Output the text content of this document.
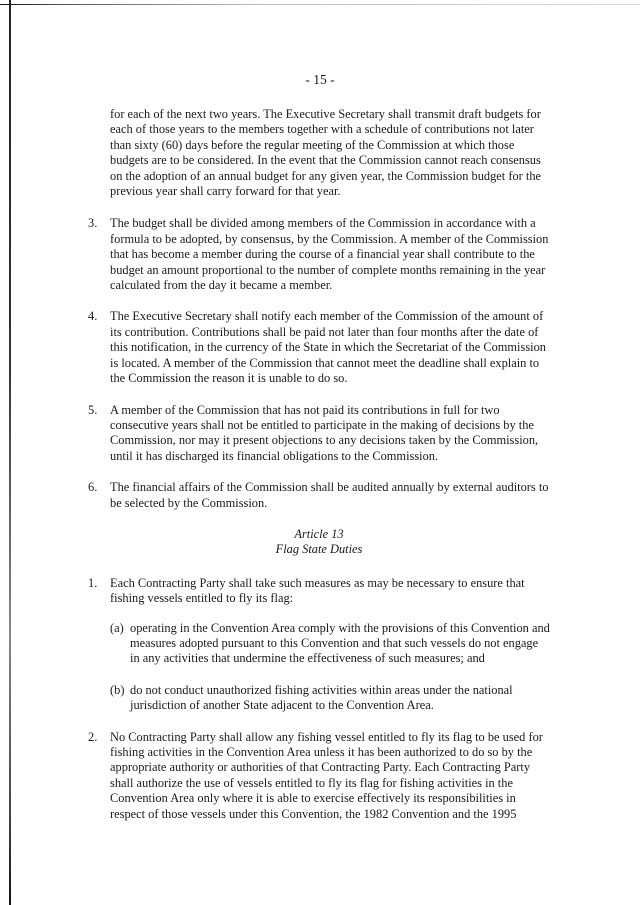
- 15 -

for each of the next two years. The Executive Secretary shall transmit draft budgets for each of those years to the members together with a schedule of contributions not later than sixty (60) days before the regular meeting of the Commission at which those budgets are to be considered. In the event that the Commission cannot reach consensus on the adoption of an annual budget for any given year, the Commission budget for the previous year shall carry forward for that year.

3.	The budget shall be divided among members of the Commission in accordance with a formula to be adopted, by consensus, by the Commission. A member of the Commission that has become a member during the course of a financial year shall contribute to the budget an amount proportional to the number of complete months remaining in the year calculated from the day it became a member.
4.	The Executive Secretary shall notify each member of the Commission of the amount of its contribution. Contributions shall be paid not later than four months after the date of this notification, in the currency of the State in which the Secretariat of the Commission is located. A member of the Commission that cannot meet the deadline shall explain to the Commission the reason it is unable to do so.
5.	A member of the Commission that has not paid its contributions in full for two consecutive years shall not be entitled to participate in the making of decisions by the Commission, nor may it present objections to any decisions taken by the Commission, until it has discharged its financial obligations to the Commission.
6.	The financial affairs of the Commission shall be audited annually by external auditors to be selected by the Commission.
Article 13
Flag State Duties
1.	Each Contracting Party shall take such measures as may be necessary to ensure that fishing vessels entitled to fly its flag:
(a) operating in the Convention Area comply with the provisions of this Convention and measures adopted pursuant to this Convention and that such vessels do not engage in any activities that undermine the effectiveness of such measures; and
(b) do not conduct unauthorized fishing activities within areas under the national jurisdiction of another State adjacent to the Convention Area.
2.	No Contracting Party shall allow any fishing vessel entitled to fly its flag to be used for fishing activities in the Convention Area unless it has been authorized to do so by the appropriate authority or authorities of that Contracting Party. Each Contracting Party shall authorize the use of vessels entitled to fly its flag for fishing activities in the Convention Area only where it is able to exercise effectively its responsibilities in respect of those vessels under this Convention, the 1982 Convention and the 1995
